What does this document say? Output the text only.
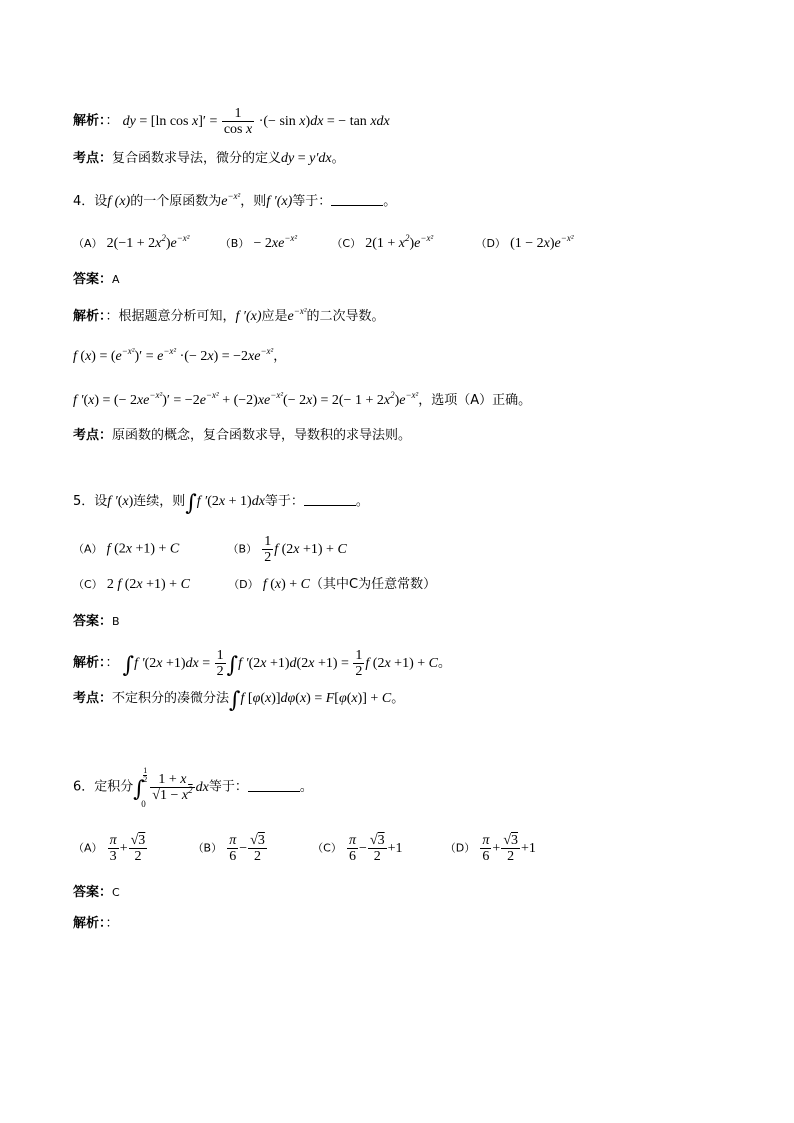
解析：： dy = [ln $\cos x]' = \frac{1}{\text{cos x}}$ ·(− sin x)dx = − tan xdx
考点：复合函数求导法，微分的定义dy = y′dx。
4．设f (x)的一个原函数为$e^{-x^2}$，则f ′(x)等于：	。
（A） $2(-1 + 2x^2)e^{-x^2}$	$(B) - 2xe^{-x^2}$	（C） $2(1 + x^2)e^{-x^2}$	（D） $(1 - 2x)e^{-x^2}$
答案：A
解析：：根据题意分析可知，f ′(x)应是$e^{-x^2}$的二次导数。
f $(x) = (e^{-x^2})' = e^{-x^2}$ ·(− $2x) = -2xe^{-x^2}$，
f ′(x) = (− $2xe^{-x^2})' = -2e^{-x^2} + (-2)xe^{-x^2}(- 2x) = 2(- 1 + 2x^2)e^{-x^2}$，选项（A）正确。
考点：原函数的概念，复合函数求导，导数积的求导法则。
5．设f ′(x)连续，则∫f ′(2x + 1)dx等于：	。
（A） f (2x +1) + C	$(B) \frac{1}{2}$ f (2x +1) + C
（C） 2 f (2x +1) + C	（D） f (x) + C（其中C为任意常数）
答案：B
解析：： ∫f $'(2x +1)dx = \frac{1}{2} \int f$ $'(2x +1)d(2x +1) = \frac{1}{2}$ f (2x +1) + C。
考点：不定积分的凑微分法∫f [φ(x)]dφ(x) = F[φ(x)] + C。
6．定积分∫
1
2
0
$\frac{1 + x}{√1 - x^2}$ dx等于：	。
$(A) \frac{\pi}{3} + \frac{√3}{2}$	$(B) \frac{\pi}{6} - \frac{√3}{2}$	$(C) \frac{\pi}{6} - \frac{√3}{2} +1$	$(D) \frac{\pi}{6} + \frac{√3}{2} +1$
答案：C
解析：：
